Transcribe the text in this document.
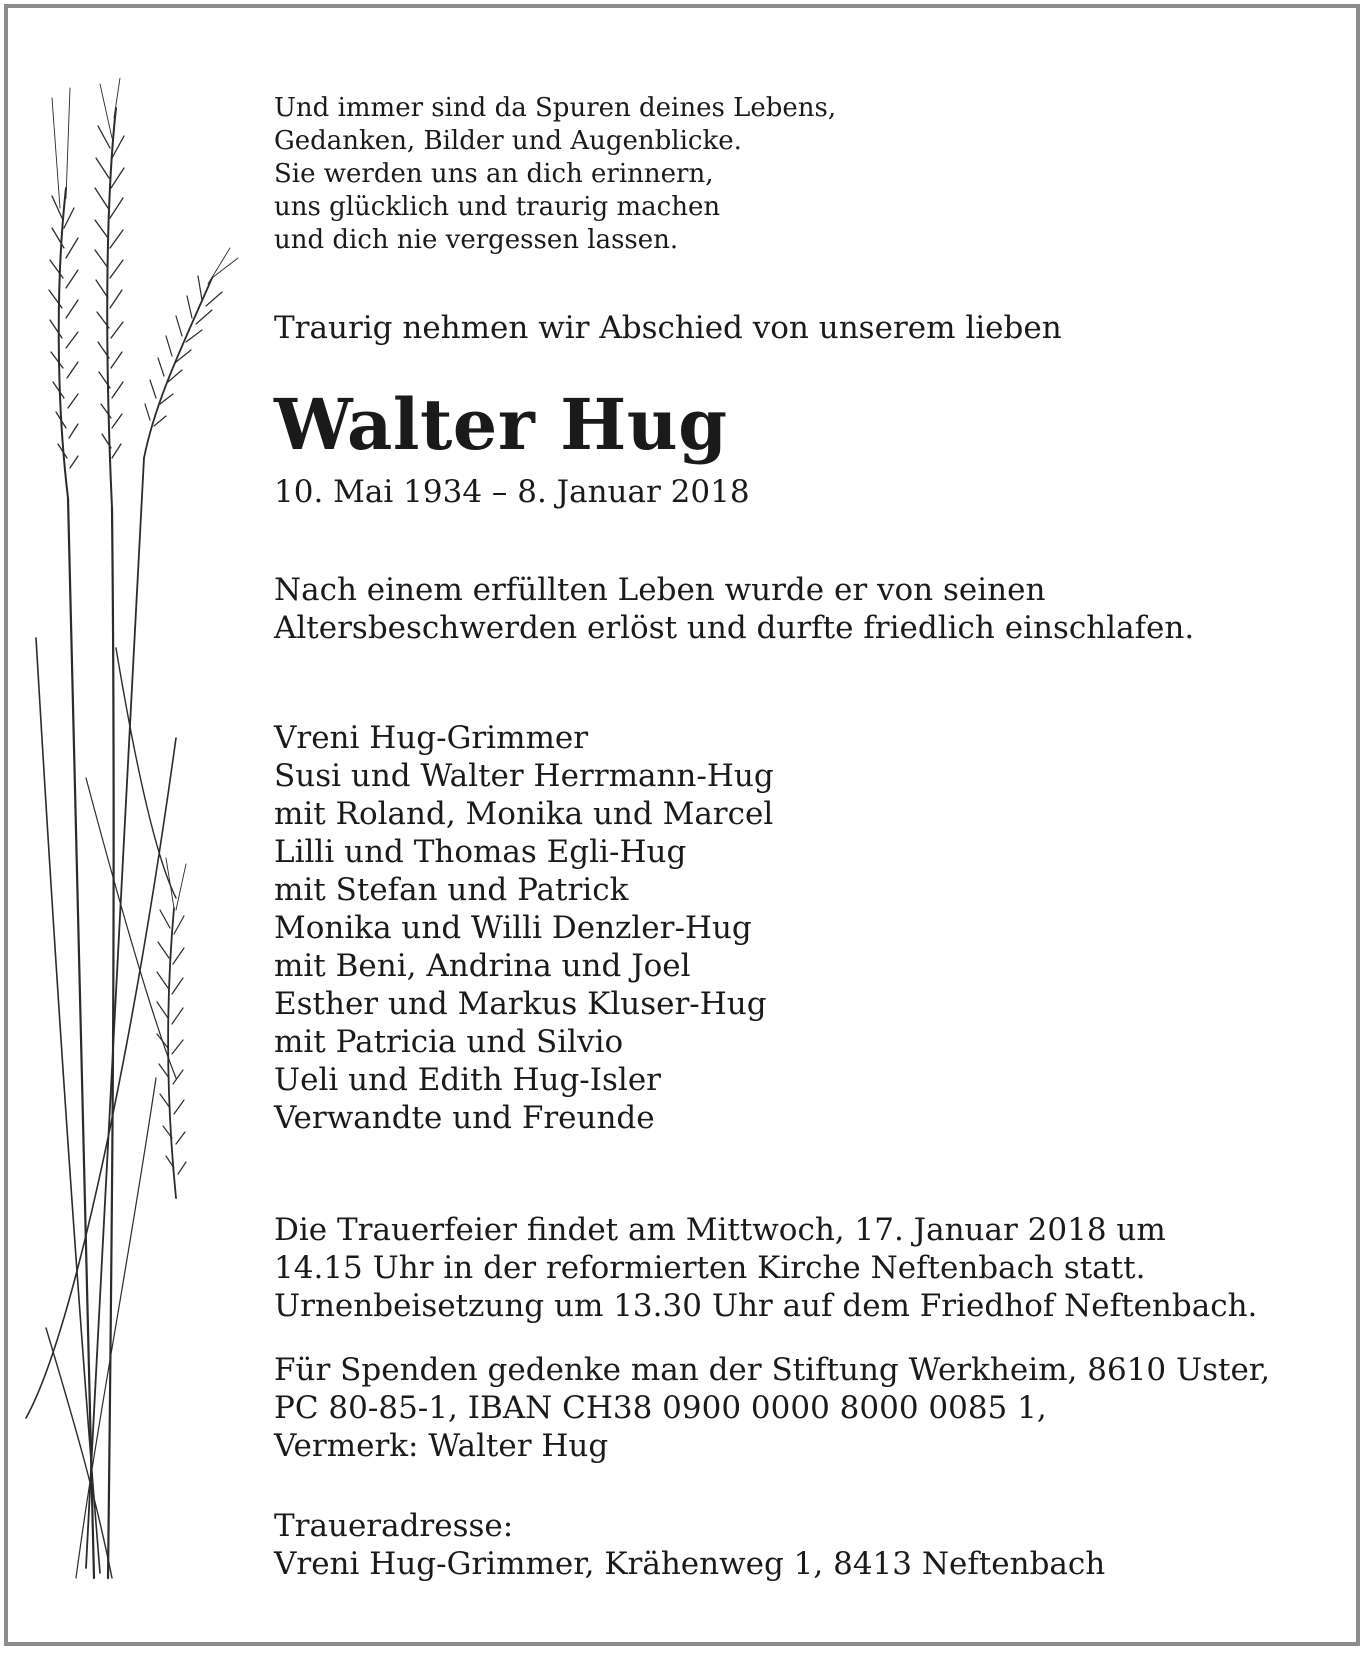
Und immer sind da Spuren deines Lebens,
Gedanken, Bilder und Augenblicke.
Sie werden uns an dich erinnern,
uns glücklich und traurig machen
und dich nie vergessen lassen.
Traurig nehmen wir Abschied von unserem lieben
Walter Hug
10. Mai 1934 – 8. Januar 2018
Nach einem erfüllten Leben wurde er von seinen
Altersbeschwerden erlöst und durfte friedlich einschlafen.
Vreni Hug-Grimmer
Susi und Walter Herrmann-Hug
mit Roland, Monika und Marcel
Lilli und Thomas Egli-Hug
mit Stefan und Patrick
Monika und Willi Denzler-Hug
mit Beni, Andrina und Joel
Esther und Markus Kluser-Hug
mit Patricia und Silvio
Ueli und Edith Hug-Isler
Verwandte und Freunde
Die Trauerfeier findet am Mittwoch, 17. Januar 2018 um
14.15 Uhr in der reformierten Kirche Neftenbach statt.
Urnenbeisetzung um 13.30 Uhr auf dem Friedhof Neftenbach.
Für Spenden gedenke man der Stiftung Werkheim, 8610 Uster,
PC 80-85-1, IBAN CH38 0900 0000 8000 0085 1,
Vermerk: Walter Hug
Traueradresse:
Vreni Hug-Grimmer, Krähenweg 1, 8413 Neftenbach
